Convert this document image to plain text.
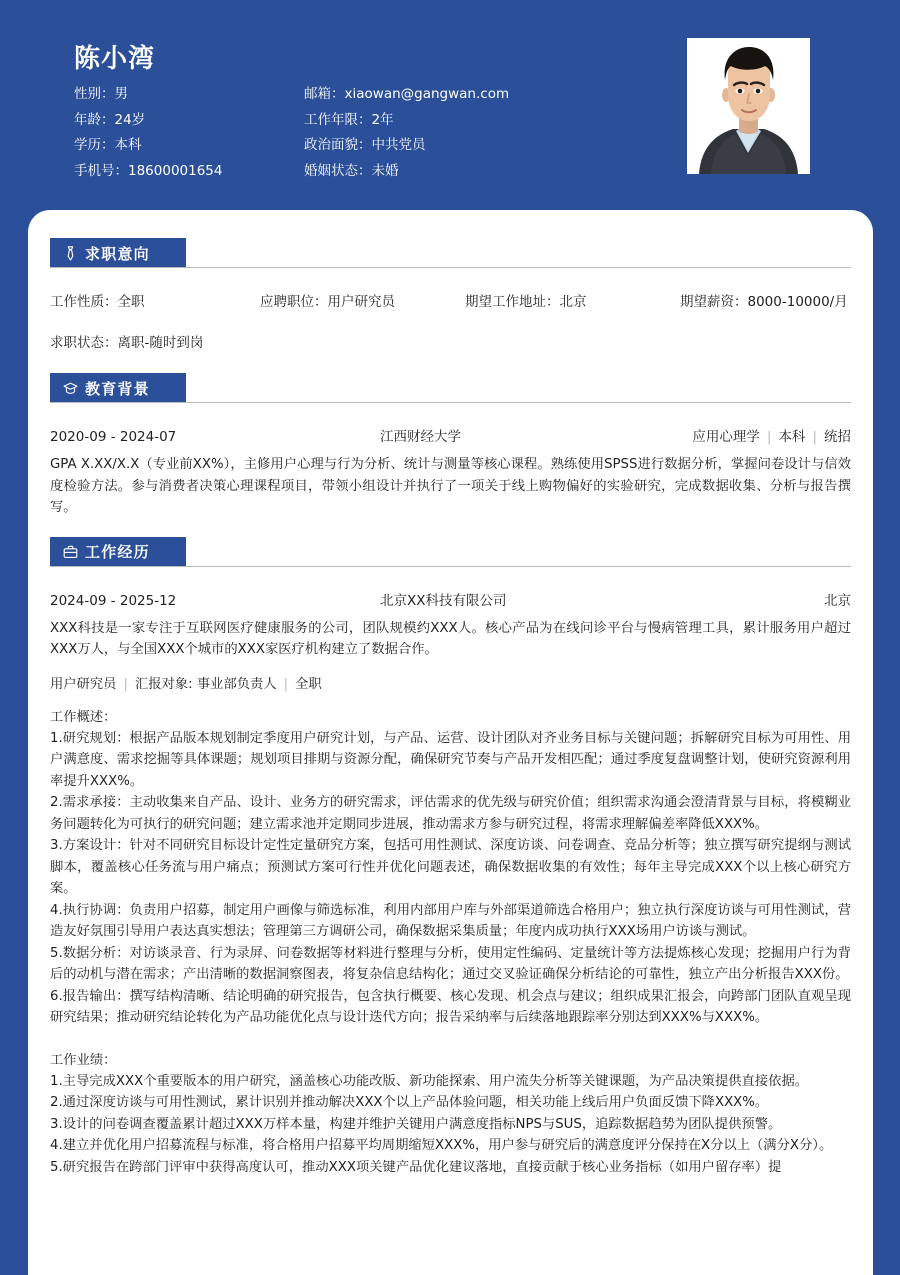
陈小湾
性别：男
年龄：24岁
学历：本科
手机号：18600001654
邮箱：xiaowan@gangwan.com
工作年限：2年
政治面貌：中共党员
婚姻状态：未婚
求职意向
工作性质：全职	应聘职位：用户研究员	期望工作地址：北京	期望薪资：8000-10000/月
求职状态：离职-随时到岗
教育背景
2020-09 - 2024-07	江西财经大学	应用心理学 | 本科 | 统招
GPA X.XX/X.X（专业前XX%），主修用户心理与行为分析、统计与测量等核心课程。熟练使用SPSS进行数据分析，掌握问卷设计与信效度检验方法。参与消费者决策心理课程项目，带领小组设计并执行了一项关于线上购物偏好的实验研究，完成数据收集、分析与报告撰写。
工作经历
2024-09 - 2025-12	北京XX科技有限公司	北京
XXX科技是一家专注于互联网医疗健康服务的公司，团队规模约XXX人。核心产品为在线问诊平台与慢病管理工具，累计服务用户超过XXX万人，与全国XXX个城市的XXX家医疗机构建立了数据合作。
用户研究员 | 汇报对象: 事业部负责人 | 全职
工作概述：

1.研究规划：根据产品版本规划制定季度用户研究计划，与产品、运营、设计团队对齐业务目标与关键问题；拆解研究目标为可用性、用户满意度、需求挖掘等具体课题；规划项目排期与资源分配，确保研究节奏与产品开发相匹配；通过季度复盘调整计划，使研究资源利用率提升XXX%。

2.需求承接：主动收集来自产品、设计、业务方的研究需求，评估需求的优先级与研究价值；组织需求沟通会澄清背景与目标，将模糊业务问题转化为可执行的研究问题；建立需求池并定期同步进展，推动需求方参与研究过程，将需求理解偏差率降低XXX%。

3.方案设计：针对不同研究目标设计定性定量研究方案，包括可用性测试、深度访谈、问卷调查、竞品分析等；独立撰写研究提纲与测试脚本，覆盖核心任务流与用户痛点；预测试方案可行性并优化问题表述，确保数据收集的有效性；每年主导完成XXX个以上核心研究方案。

4.执行协调：负责用户招募，制定用户画像与筛选标准，利用内部用户库与外部渠道筛选合格用户；独立执行深度访谈与可用性测试，营造友好氛围引导用户表达真实想法；管理第三方调研公司，确保数据采集质量；年度内成功执行XXX场用户访谈与测试。

5.数据分析：对访谈录音、行为录屏、问卷数据等材料进行整理与分析，使用定性编码、定量统计等方法提炼核心发现；挖掘用户行为背后的动机与潜在需求；产出清晰的数据洞察图表，将复杂信息结构化；通过交叉验证确保分析结论的可靠性，独立产出分析报告XXX份。

6.报告输出：撰写结构清晰、结论明确的研究报告，包含执行概要、核心发现、机会点与建议；组织成果汇报会，向跨部门团队直观呈现研究结果；推动研究结论转化为产品功能优化点与设计迭代方向；报告采纳率与后续落地跟踪率分别达到XXX%与XXX%。

工作业绩：

1.主导完成XXX个重要版本的用户研究，涵盖核心功能改版、新功能探索、用户流失分析等关键课题，为产品决策提供直接依据。

2.通过深度访谈与可用性测试，累计识别并推动解决XXX个以上产品体验问题，相关功能上线后用户负面反馈下降XXX%。

3.设计的问卷调查覆盖累计超过XXX万样本量，构建并维护关键用户满意度指标NPS与SUS，追踪数据趋势为团队提供预警。

4.建立并优化用户招募流程与标准，将合格用户招募平均周期缩短XXX%，用户参与研究后的满意度评分保持在X分以上（满分X分）。

5.研究报告在跨部门评审中获得高度认可，推动XXX项关键产品优化建议落地，直接贡献于核心业务指标（如用户留存率）提
